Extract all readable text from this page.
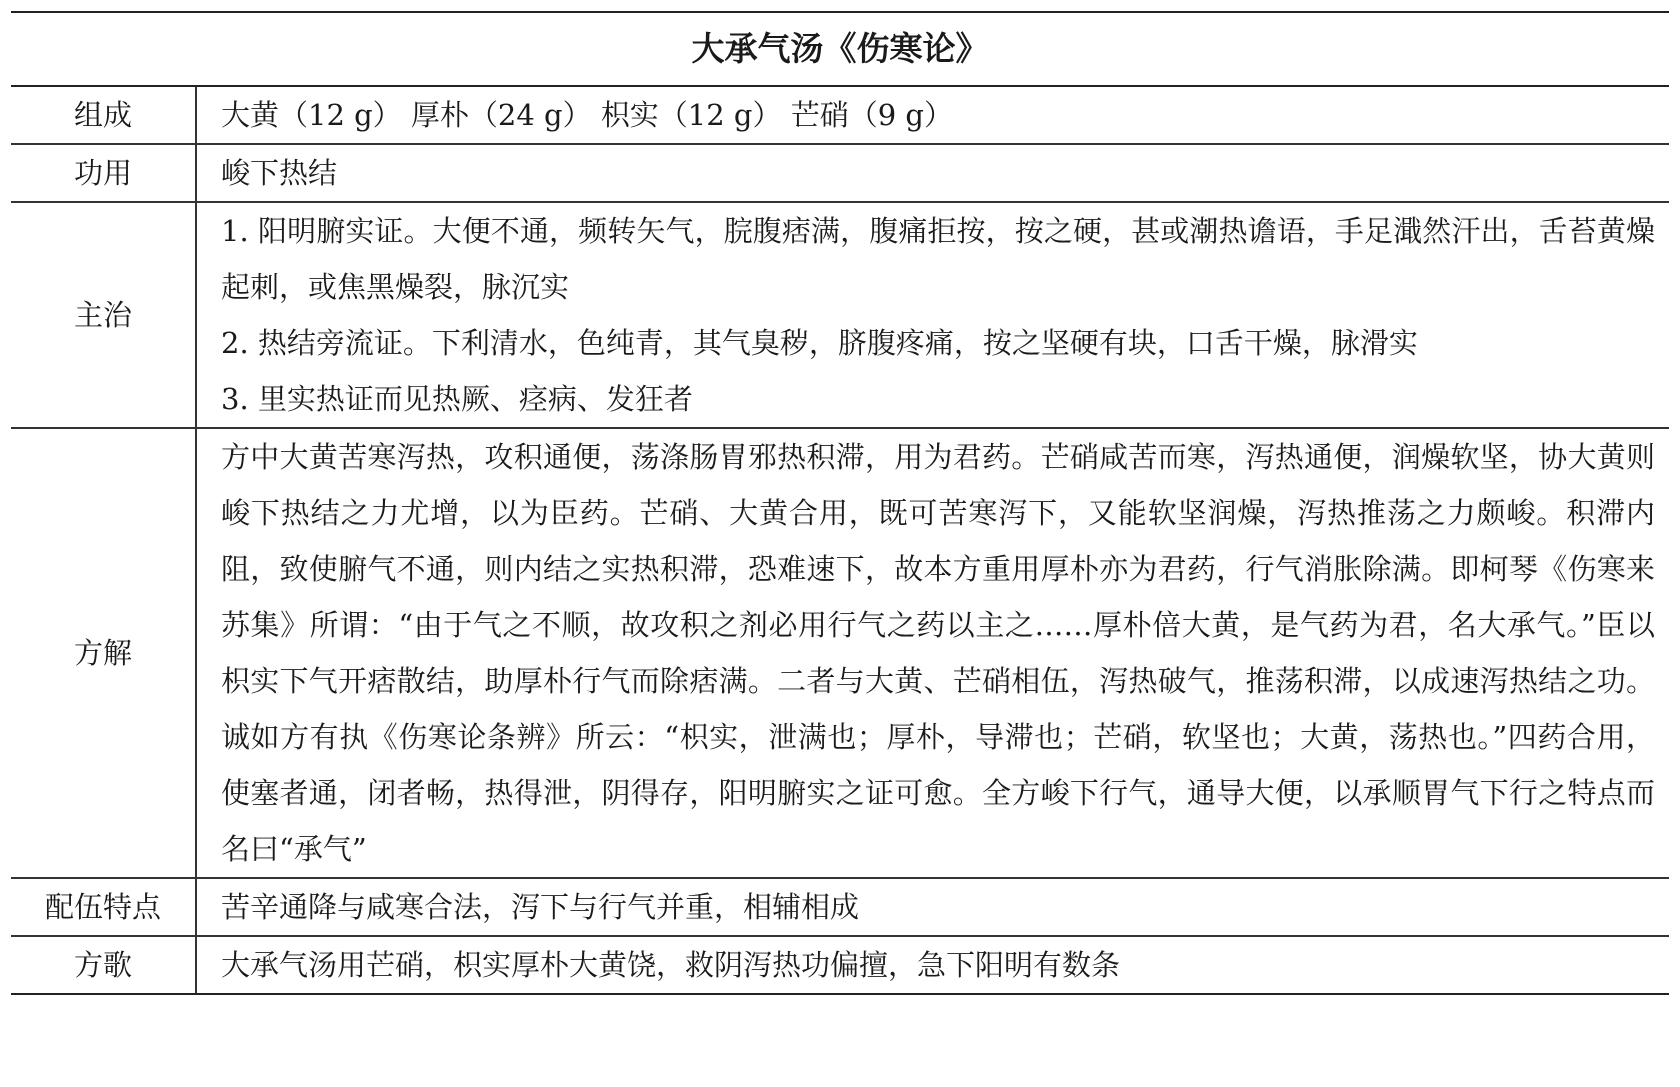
大承气汤《伤寒论》	
组成	大黄（12 g） 厚朴（24 g） 枳实（12 g） 芒硝（9 g）
功用	峻下热结
主治	1. 阳明腑实证。大便不通，频转矢气，脘腹痞满，腹痛拒按，按之硬，甚或潮热谵语，手足濈然汗出，舌苔黄燥起刺，或焦黑燥裂，脉沉实
2. 热结旁流证。下利清水，色纯青，其气臭秽，脐腹疼痛，按之坚硬有块，口舌干燥，脉滑实
3. 里实热证而见热厥、痉病、发狂者

方解	方中大黄苦寒泻热，攻积通便，荡涤肠胃邪热积滞，用为君药。芒硝咸苦而寒，泻热通便，润燥软坚，协大黄则峻下热结之力尤增，以为臣药。芒硝、大黄合用，既可苦寒泻下，又能软坚润燥，泻热推荡之力颇峻。积滞内阻，致使腑气不通，则内结之实热积滞，恐难速下，故本方重用厚朴亦为君药，行气消胀除满。即柯琴《伤寒来苏集》所谓：“由于气之不顺，故攻积之剂必用行气之药以主之……厚朴倍大黄，是气药为君，名大承气。”臣以枳实下气开痞散结，助厚朴行气而除痞满。二者与大黄、芒硝相伍，泻热破气，推荡积滞，以成速泻热结之功。诚如方有执《伤寒论条辨》所云：“枳实，泄满也；厚朴，导滞也；芒硝，软坚也；大黄，荡热也。”四药合用，使塞者通，闭者畅，热得泄，阴得存，阳明腑实之证可愈。全方峻下行气，通导大便，以承顺胃气下行之特点而名曰“承气”
配伍特点	苦辛通降与咸寒合法，泻下与行气并重，相辅相成
方歌	大承气汤用芒硝，枳实厚朴大黄饶，救阴泻热功偏擅，急下阳明有数条
